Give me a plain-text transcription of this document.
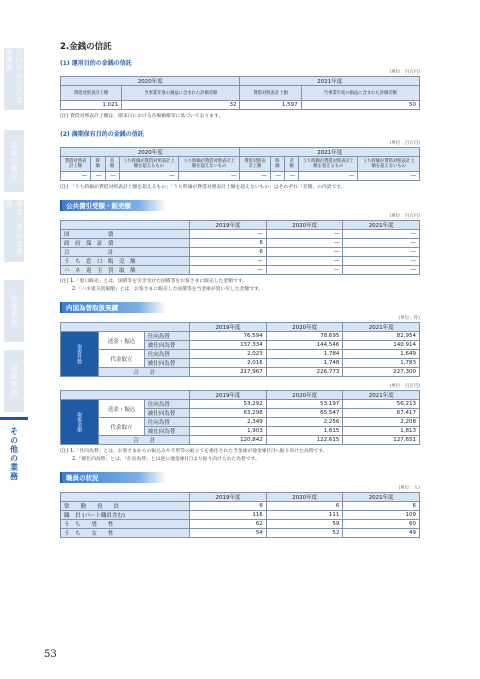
吉川市の公式金融機関
金融の概況
預金・貸出金業務
投資業務
国際業務
その他の業務
53
2.金銭の信託
(1) 運用目的の金銭の信託
(単位：百万円)
2020年度		2021年度	
貸借対照表計上額	当事業年度の損益に含まれた評価差額	貸借対照表計上額	当事業年度の損益に含まれた評価差額
1,021	32	1,597	50
(注) 貸借対照表計上額は、期末日における市場価格等に基づいております。
(2) 満期保有目的の金銭の信託
(単位：百万円)
2020年度					2021年度				
貸借対照表計上額	時価	差額	うち時価が貸借対照表計上額を超えるもの	うち時価が貸借対照表計上額を超えないもの	貸借対照表計上額	時価	差額	うち時価が貸借対照表計上額を超えるもの	うち時価が貸借対照表計上額を超えないもの
—	—	—	—	—	—	—	—	—	—
(注) 「うち時価が貸借対照表計上額を超えるもの」「うち時価が貸借対照表計上額を超えないもの」はそれぞれ「差額」の内訳です。
公共債引受額・販売額
(単位：百万円)
	2019年度	2020年度	2021年度
国　　　　　　　債	—	—	—
政　府　保　証　債	6	—	—
合　　　　　　　計	6	—	—
う　ち　窓　口　販　売　額	—	—	—
ハ　ネ　返　玉　買　取　額	—	—	—
(注) 1.「窓口販売」とは、国債等を引き受けた国債等をお客さまに販売した金額です。
2.「ハネ返玉買取額」とは、お客さまに販売した国債等を当金庫が買い戻した金額です。
内国為替取扱実績
(単位：件)
			2019年度	2020年度	2021年度
取扱件数	送金・振込	仕向為替	76,594	78,695	82,954
		被仕向為替	137,334	144,546	140,914
	代金取立	仕向為替	2,023	1,784	1,649
		被仕向為替	2,016	1,748	1,783
	合　　計		217,967	226,773	227,300
(単位：百万円)
			2019年度	2020年度	2021年度
取扱金額	送金・振込	仕向為替	53,292	53,197	56,213
		被仕向為替	63,298	65,547	67,417
	代金取立	仕向為替	2,349	2,256	2,208
		被仕向為替	1,903	1,615	1,813
	合　　計		120,842	122,615	127,651
(注) 1.「仕向為替」とは、お客さまからの振込みや手形等の取立てを委任された当金庫が他金庫(行)へ振り向けた為替です。
2.「被仕向為替」とは、「仕向為替」とは逆に他金庫(行)より振り向けられた為替です。
職員の状況
(単位：人)
	2019年度	2020年度	2021年度
常　　勤　　役　　員	6	6	6
職　員 (パート職員含む)	116	111	109
う　ち　　男　　性	62	59	60
う　ち　　女　　性	54	52	49
